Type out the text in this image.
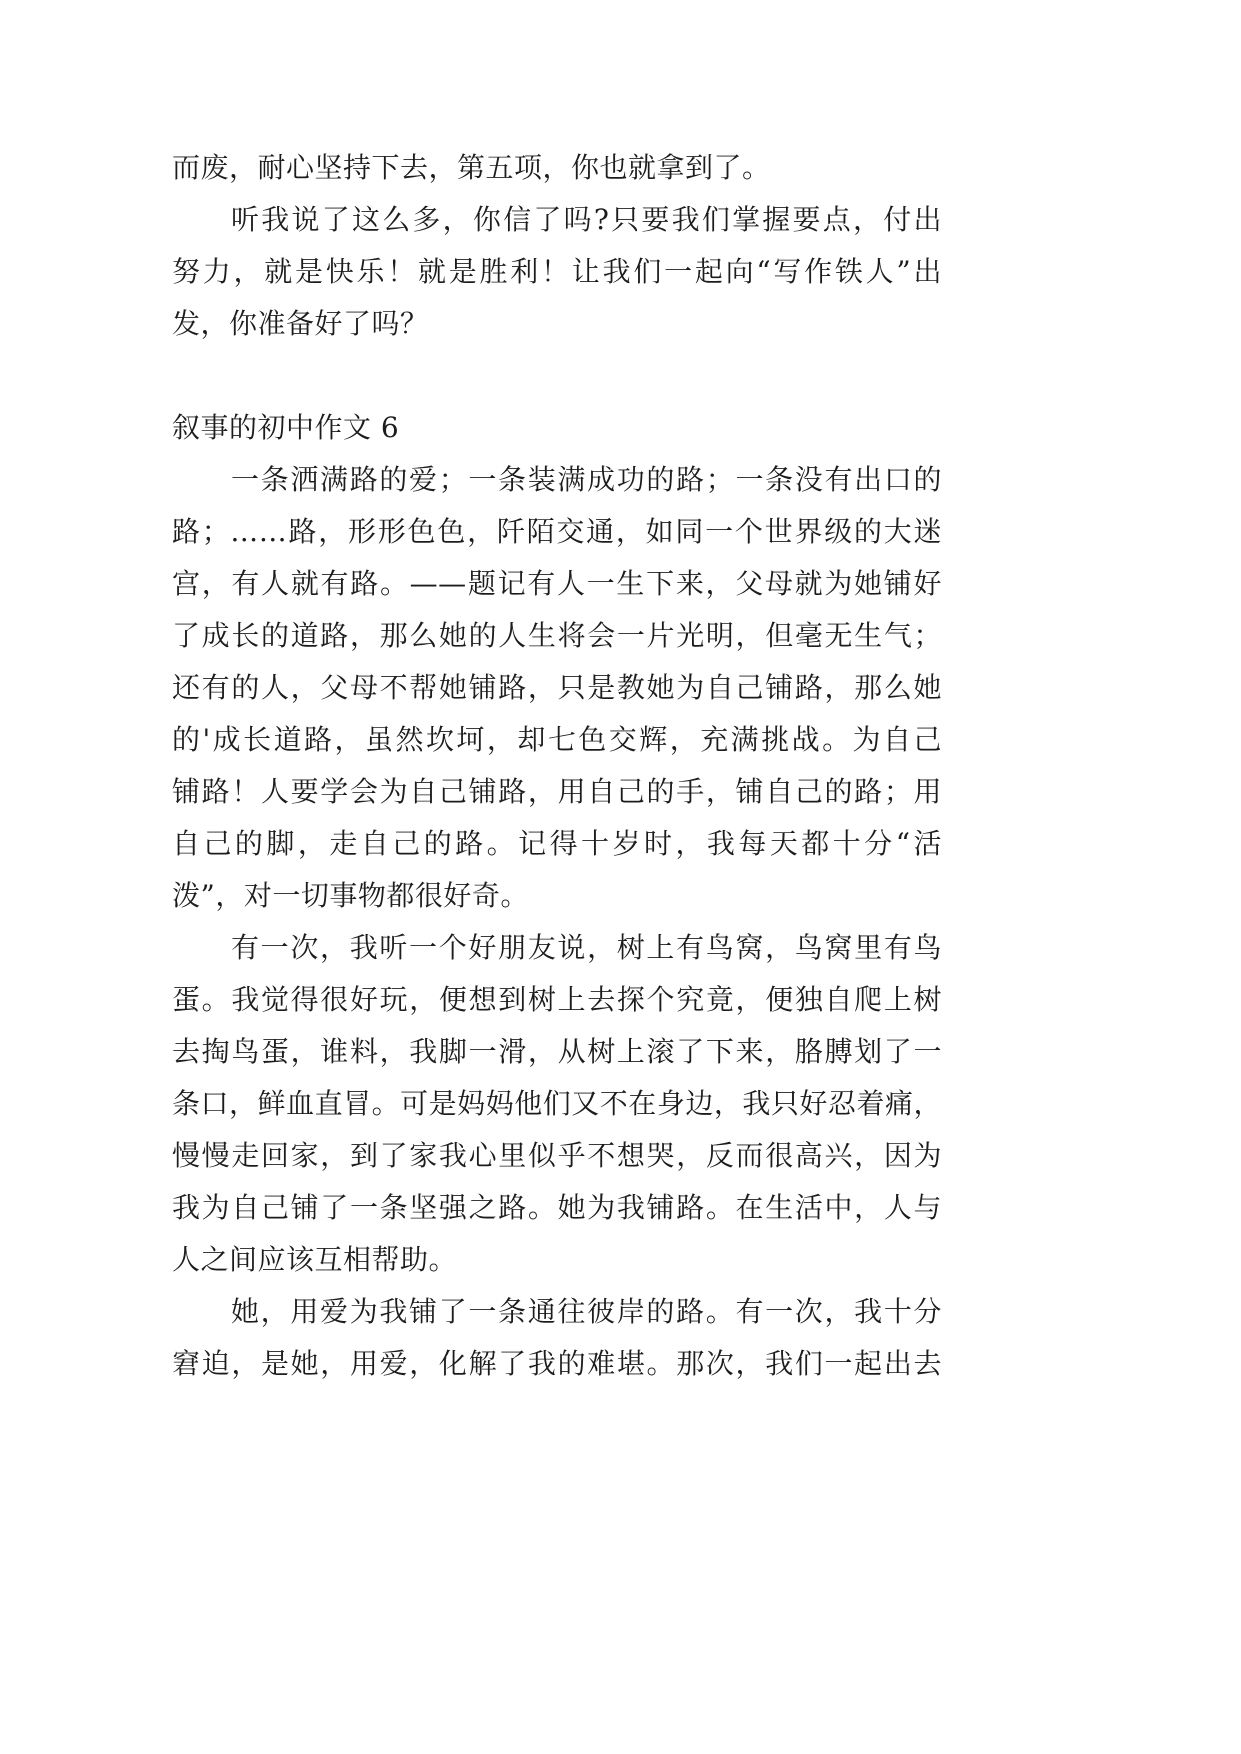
而废，耐心坚持下去，第五项，你也就拿到了。
听我说了这么多，你信了吗?只要我们掌握要点，付出
努力，就是快乐！就是胜利！让我们一起向“写作铁人”出
发，你准备好了吗？
叙事的初中作文 6
一条洒满路的爱；一条装满成功的路；一条没有出口的
路；……路，形形色色，阡陌交通，如同一个世界级的大迷
宫，有人就有路。——题记有人一生下来，父母就为她铺好
了成长的道路，那么她的人生将会一片光明，但毫无生气；
还有的人，父母不帮她铺路，只是教她为自己铺路，那么她
的'成长道路，虽然坎坷，却七色交辉，充满挑战。为自己
铺路！人要学会为自己铺路，用自己的手，铺自己的路；用
自己的脚，走自己的路。记得十岁时，我每天都十分“活
泼”，对一切事物都很好奇。
有一次，我听一个好朋友说，树上有鸟窝，鸟窝里有鸟
蛋。我觉得很好玩，便想到树上去探个究竟，便独自爬上树
去掏鸟蛋，谁料，我脚一滑，从树上滚了下来，胳膊划了一
条口，鲜血直冒。可是妈妈他们又不在身边，我只好忍着痛，
慢慢走回家，到了家我心里似乎不想哭，反而很高兴，因为
我为自己铺了一条坚强之路。她为我铺路。在生活中，人与
人之间应该互相帮助。
她，用爱为我铺了一条通往彼岸的路。有一次，我十分
窘迫，是她，用爱，化解了我的难堪。那次，我们一起出去
